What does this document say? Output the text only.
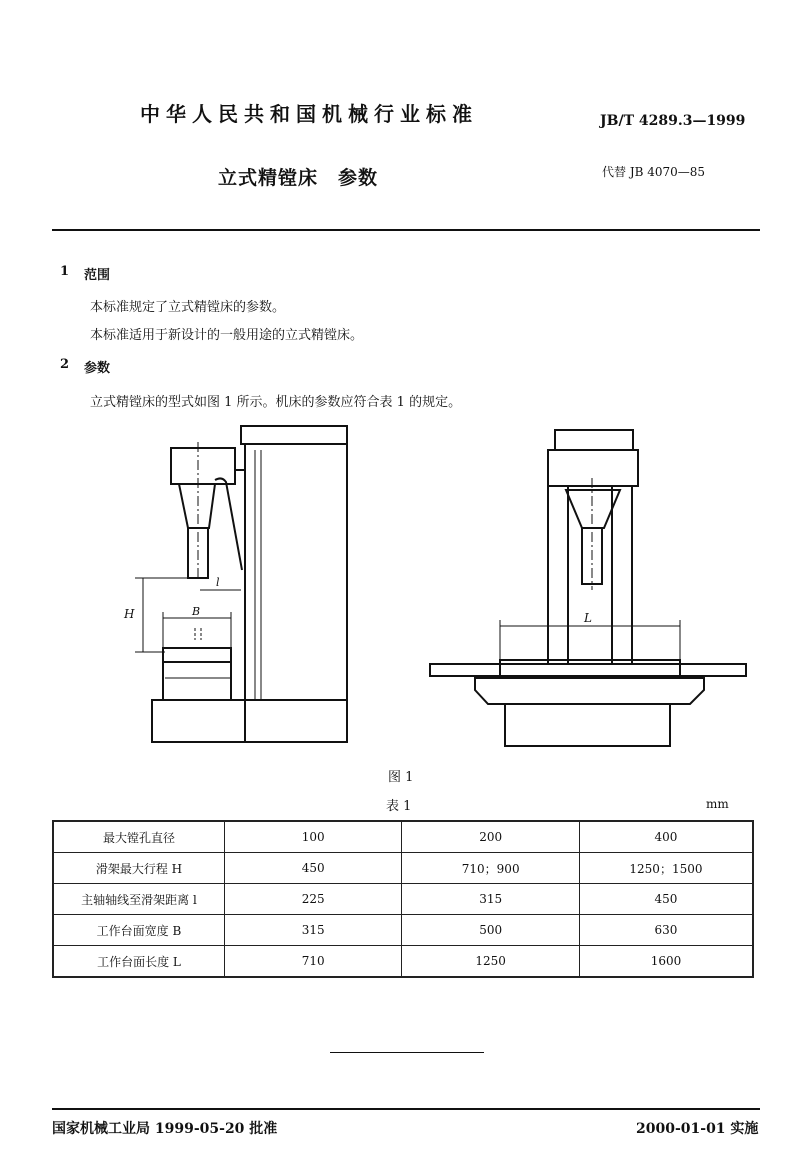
中华人民共和国机械行业标准	JB/T 4289.3—1999
立式精镗床　参数	代替 JB 4070—85
1 范围
本标准规定了立式精镗床的参数。
本标准适用于新设计的一般用途的立式精镗床。
2 参数
立式精镗床的型式如图 1 所示。机床的参数应符合表 1 的规定。
H	B
l
L
图 1
表 1	mm
最大镗孔直径	100	200	400
滑架最大行程 H	450	710；900	1250；1500
主轴轴线至滑架距离 l	225	315	450
工作台面宽度 B	315	500	630
工作台面长度 L	710	1250	1600
国家机械工业局 1999-05-20 批准	2000-01-01 实施
